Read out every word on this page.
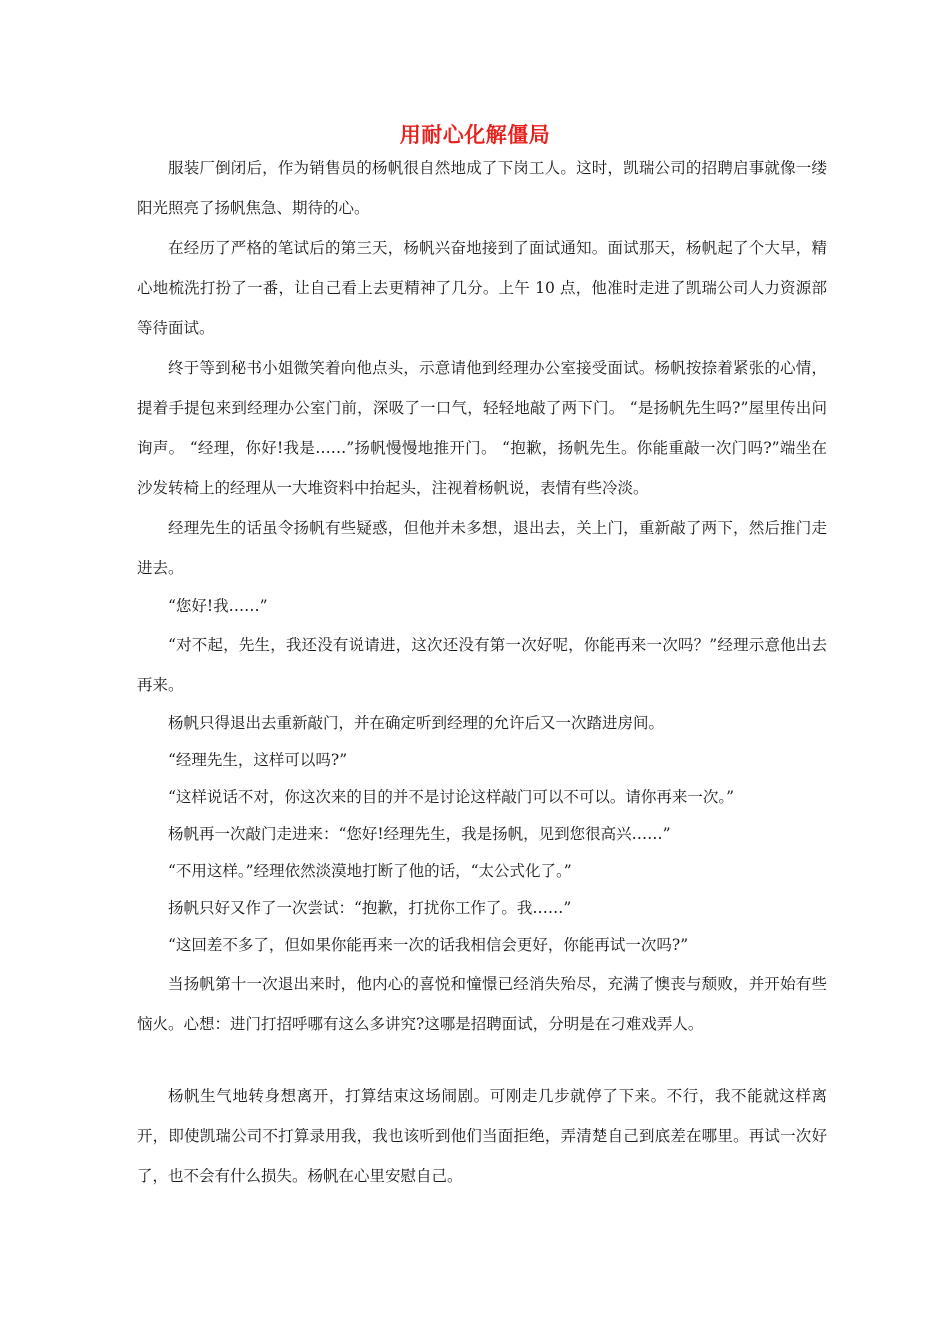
用耐心化解僵局

服装厂倒闭后，作为销售员的杨帆很自然地成了下岗工人。这时，凯瑞公司的招聘启事就像一缕阳光照亮了扬帆焦急、期待的心。

在经历了严格的笔试后的第三天，杨帆兴奋地接到了面试通知。面试那天，杨帆起了个大早，精心地梳洗打扮了一番，让自己看上去更精神了几分。上午 10 点，他准时走进了凯瑞公司人力资源部等待面试。

终于等到秘书小姐微笑着向他点头，示意请他到经理办公室接受面试。杨帆按捺着紧张的心情，提着手提包来到经理办公室门前，深吸了一口气，轻轻地敲了两下门。 “是扬帆先生吗?”屋里传出问询声。 “经理，你好!我是……”扬帆慢慢地推开门。 “抱歉，扬帆先生。你能重敲一次门吗?”端坐在沙发转椅上的经理从一大堆资料中抬起头，注视着杨帆说，表情有些冷淡。

经理先生的话虽令扬帆有些疑惑，但他并未多想，退出去，关上门，重新敲了两下，然后推门走进去。

“您好!我……”

“对不起，先生，我还没有说请进，这次还没有第一次好呢，你能再来一次吗？”经理示意他出去再来。

杨帆只得退出去重新敲门，并在确定听到经理的允许后又一次踏进房间。

“经理先生，这样可以吗?”

“这样说话不对，你这次来的目的并不是讨论这样敲门可以不可以。请你再来一次。”

杨帆再一次敲门走进来：“您好!经理先生，我是扬帆，见到您很高兴……”

“不用这样。”经理依然淡漠地打断了他的话，“太公式化了。”

扬帆只好又作了一次尝试：“抱歉，打扰你工作了。我……”

“这回差不多了，但如果你能再来一次的话我相信会更好，你能再试一次吗?”

当扬帆第十一次退出来时，他内心的喜悦和憧憬已经消失殆尽，充满了懊丧与颓败，并开始有些恼火。心想：进门打招呼哪有这么多讲究?这哪是招聘面试，分明是在刁难戏弄人。

杨帆生气地转身想离开，打算结束这场闹剧。可刚走几步就停了下来。不行，我不能就这样离开，即使凯瑞公司不打算录用我，我也该听到他们当面拒绝，弄清楚自己到底差在哪里。再试一次好了，也不会有什么损失。杨帆在心里安慰自己。
